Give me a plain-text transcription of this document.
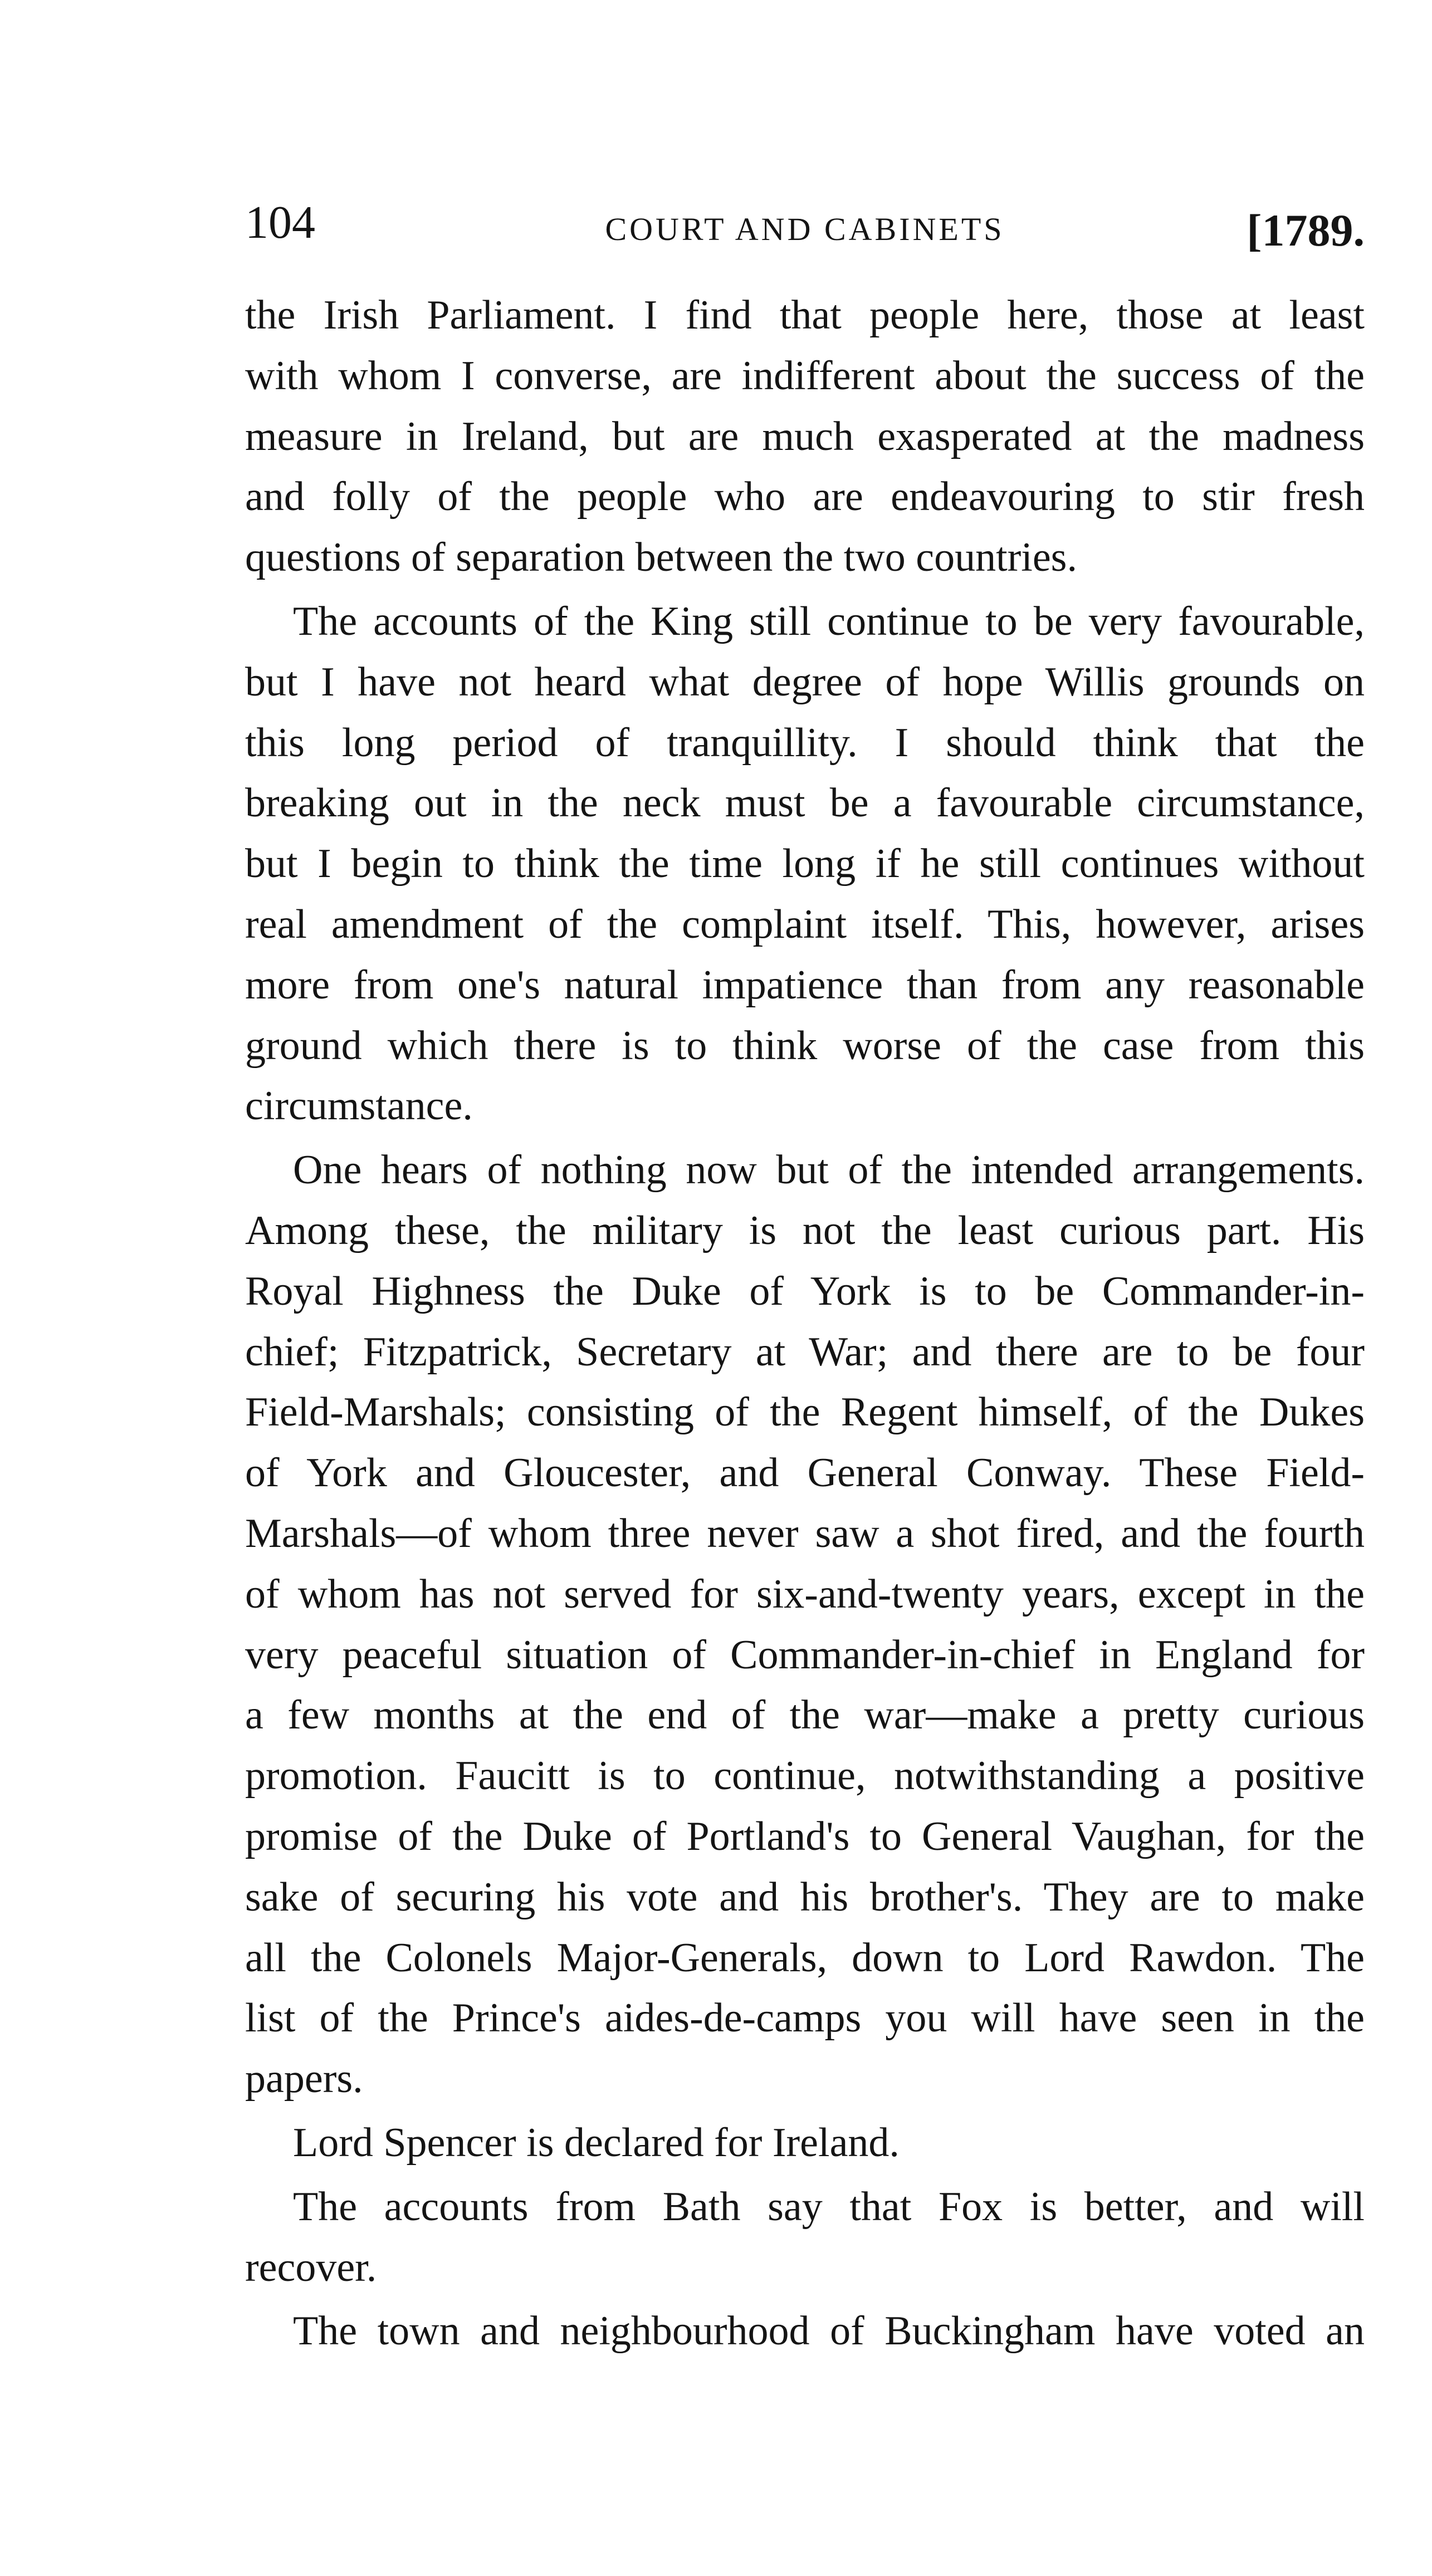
104	COURT AND CABINETS	[1789.
the Irish Parliament. I find that people here, those at least
with whom I converse, are indifferent about the success of the
measure in Ireland, but are much exasperated at the madness
and folly of the people who are endeavouring to stir fresh
questions of separation between the two countries.
The accounts of the King still continue to be very favourable,
but I have not heard what degree of hope Willis grounds on
this long period of tranquillity. I should think that the
breaking out in the neck must be a favourable circumstance,
but I begin to think the time long if he still continues without
real amendment of the complaint itself. This, however, arises
more from one's natural impatience than from any reasonable
ground which there is to think worse of the case from this
circumstance.
One hears of nothing now but of the intended arrangements.
Among these, the military is not the least curious part. His
Royal Highness the Duke of York is to be Commander-in-
chief; Fitzpatrick, Secretary at War; and there are to be four
Field-Marshals; consisting of the Regent himself, of the Dukes
of York and Gloucester, and General Conway. These Field-
Marshals—of whom three never saw a shot fired, and the fourth
of whom has not served for six-and-twenty years, except in the
very peaceful situation of Commander-in-chief in England for
a few months at the end of the war—make a pretty curious
promotion. Faucitt is to continue, notwithstanding a positive
promise of the Duke of Portland's to General Vaughan, for the
sake of securing his vote and his brother's. They are to make
all the Colonels Major-Generals, down to Lord Rawdon. The
list of the Prince's aides-de-camps you will have seen in the
papers.
Lord Spencer is declared for Ireland.
The accounts from Bath say that Fox is better, and will
recover.
The town and neighbourhood of Buckingham have voted an
